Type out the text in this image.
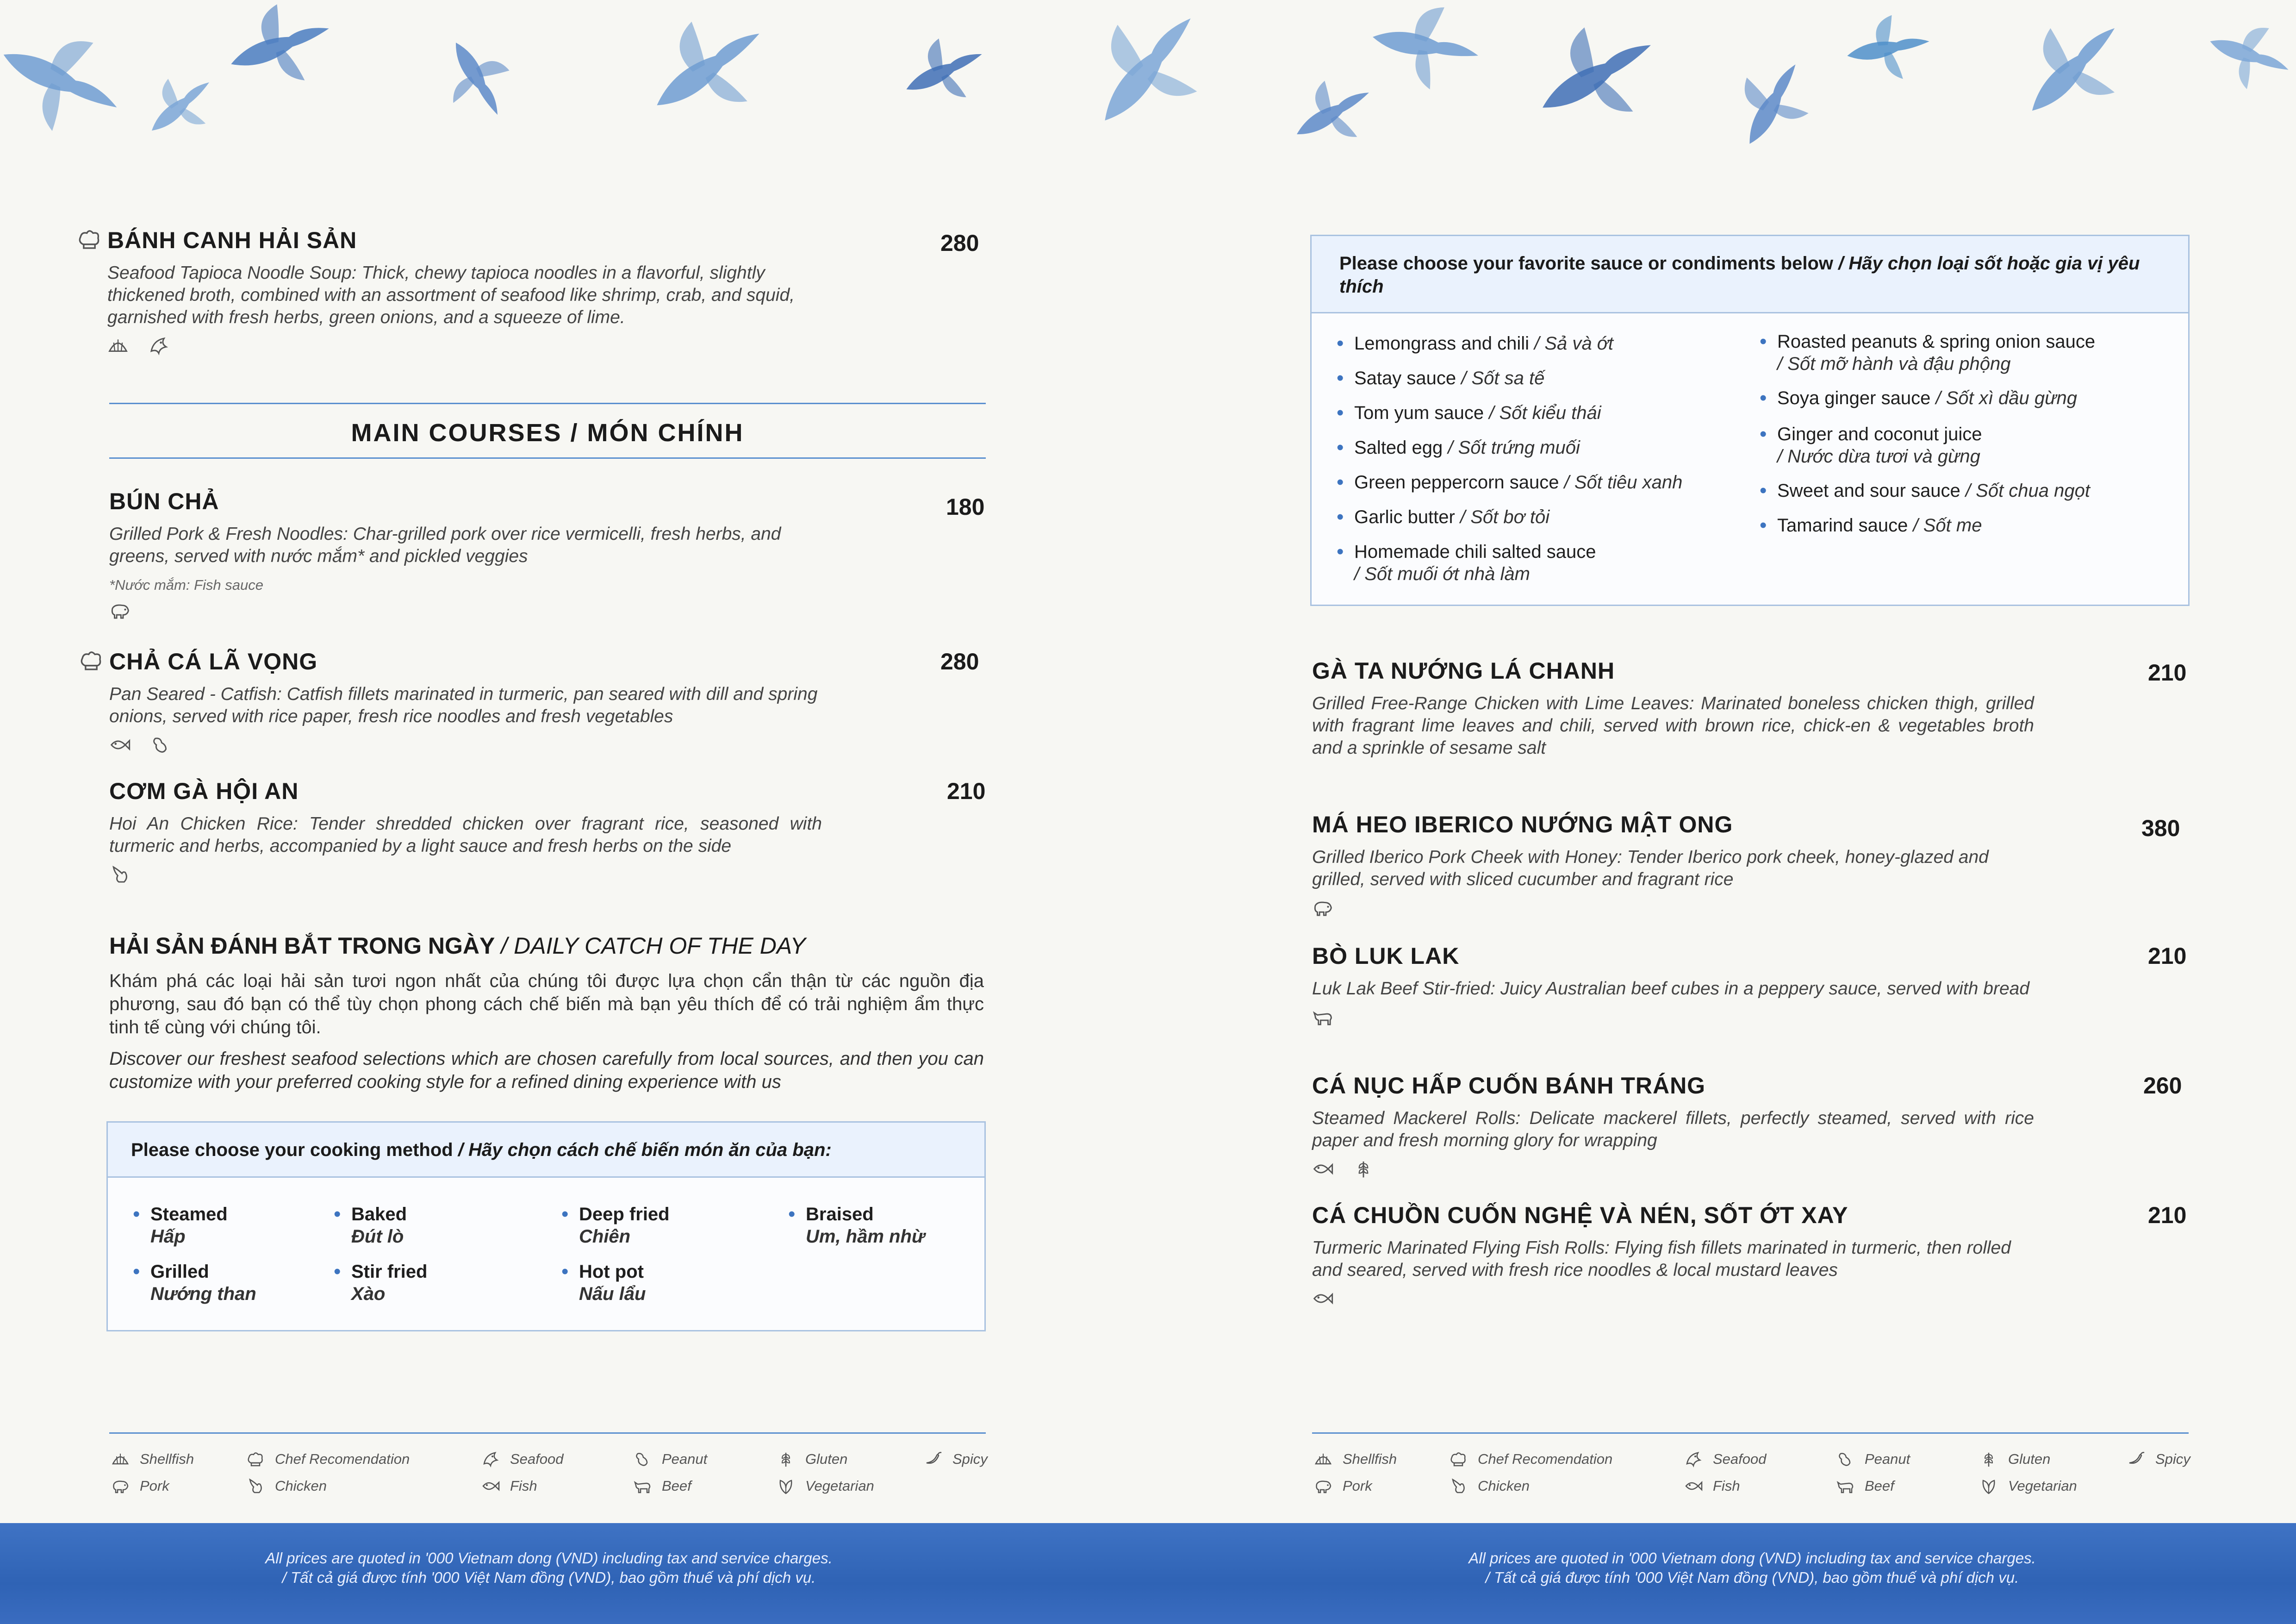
BÁNH CANH HẢI SẢN	280
Seafood Tapioca Noodle Soup: Thick, chewy tapioca noodles in a flavorful, slightly thickened broth, combined with an assortment of seafood like shrimp, crab, and squid, garnished with fresh herbs, green onions, and a squeeze of lime.
MAIN COURSES / MÓN CHÍNH
BÚN CHẢ	180
Grilled Pork & Fresh Noodles: Char-grilled pork over rice vermicelli, fresh herbs, and greens, served with nước mắm* and pickled veggies
*Nước mắm: Fish sauce
CHẢ CÁ LÃ VỌNG	280
Pan Seared - Catfish: Catfish fillets marinated in turmeric, pan seared with dill and spring onions, served with rice paper, fresh rice noodles and fresh vegetables
CƠM GÀ HỘI AN	210
Hoi An Chicken Rice: Tender shredded chicken over fragrant rice, seasoned with turmeric and herbs, accompanied by a light sauce and fresh herbs on the side
HẢI SẢN ĐÁNH BẮT TRONG NGÀY / DAILY CATCH OF THE DAY
Khám phá các loại hải sản tươi ngon nhất của chúng tôi được lựa chọn cẩn thận từ các nguồn địa phương, sau đó bạn có thể tùy chọn phong cách chế biến mà bạn yêu thích để có trải nghiệm ẩm thực tinh tế cùng với chúng tôi.
Discover our freshest seafood selections which are chosen carefully from local sources, and then you can customize with your preferred cooking style for a refined dining experience with us
Please choose your cooking method / Hãy chọn cách chế biến món ăn của bạn:
• Steamed
Hấp
• Baked
Đút lò
• Deep fried
Chiên
• Braised
Um, hầm nhừ
• Grilled
Nướng than
• Stir fried
Xào
• Hot pot
Nấu lẩu
Shellfish	Chef Recomendation	Seafood	Peanut	Gluten	Spicy
Pork	Chicken	Fish	Beef	Vegetarian
Please choose your favorite sauce or condiments below / Hãy chọn loại sốt hoặc gia vị yêu thích
• Lemongrass and chili / Sả và ớt
• Satay sauce / Sốt sa tế
• Tom yum sauce / Sốt kiểu thái
• Salted egg / Sốt trứng muối
• Green peppercorn sauce / Sốt tiêu xanh
• Garlic butter / Sốt bơ tỏi
• Homemade chili salted sauce
/ Sốt muối ớt nhà làm
• Roasted peanuts & spring onion sauce
/ Sốt mỡ hành và đậu phộng
• Soya ginger sauce / Sốt xì dầu gừng
• Ginger and coconut juice
/ Nước dừa tươi và gừng
• Sweet and sour sauce / Sốt chua ngọt
• Tamarind sauce / Sốt me
GÀ TA NƯỚNG LÁ CHANH	210
Grilled Free-Range Chicken with Lime Leaves: Marinated boneless chicken thigh, grilled with fragrant lime leaves and chili, served with brown rice, chick-en & vegetables broth and a sprinkle of sesame salt
MÁ HEO IBERICO NƯỚNG MẬT ONG	380
Grilled Iberico Pork Cheek with Honey: Tender Iberico pork cheek, honey-glazed and grilled, served with sliced cucumber and fragrant rice
BÒ LUK LAK	210
Luk Lak Beef Stir-fried: Juicy Australian beef cubes in a peppery sauce, served with bread
CÁ NỤC HẤP CUỐN BÁNH TRÁNG	260
Steamed Mackerel Rolls: Delicate mackerel fillets, perfectly steamed, served with rice paper and fresh morning glory for wrapping
CÁ CHUỒN CUỐN NGHỆ VÀ NÉN, SỐT ỚT XAY	210
Turmeric Marinated Flying Fish Rolls: Flying fish fillets marinated in turmeric, then rolled and seared, served with fresh rice noodles & local mustard leaves
Shellfish	Chef Recomendation	Seafood	Peanut	Gluten	Spicy
Pork	Chicken	Fish	Beef	Vegetarian
All prices are quoted in '000 Vietnam dong (VND) including tax and service charges.
/ Tất cả giá được tính '000 Việt Nam đồng (VND), bao gồm thuế và phí dịch vụ.
All prices are quoted in '000 Vietnam dong (VND) including tax and service charges.
/ Tất cả giá được tính '000 Việt Nam đồng (VND), bao gồm thuế và phí dịch vụ.
